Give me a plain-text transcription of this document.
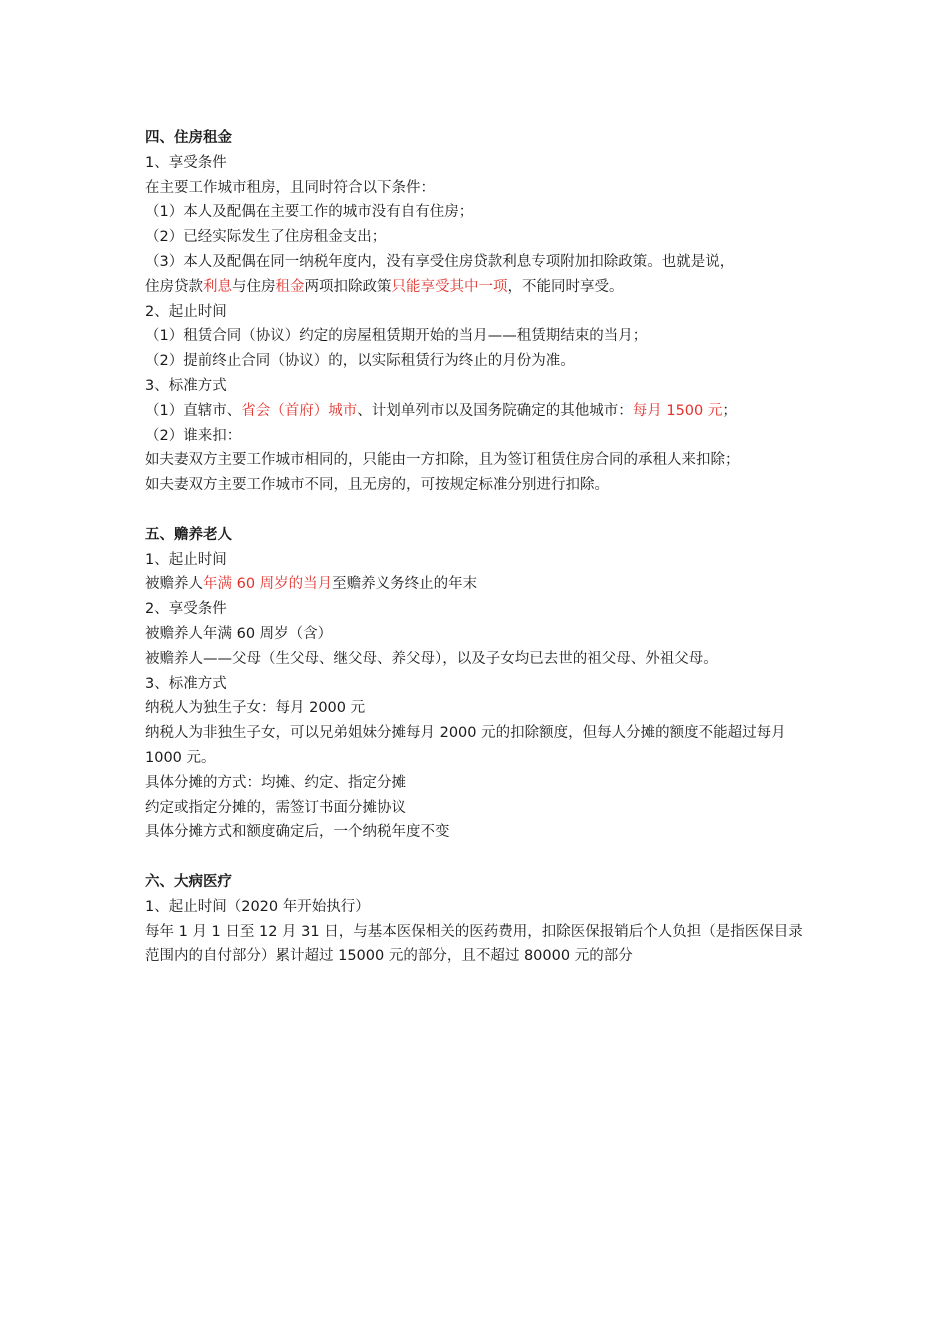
四、住房租金
1、享受条件
在主要工作城市租房，且同时符合以下条件：
（1）本人及配偶在主要工作的城市没有自有住房；
（2）已经实际发生了住房租金支出；
（3）本人及配偶在同一纳税年度内，没有享受住房贷款利息专项附加扣除政策。也就是说，
住房贷款利息与住房租金两项扣除政策只能享受其中一项，不能同时享受。
2、起止时间
（1）租赁合同（协议）约定的房屋租赁期开始的当月——租赁期结束的当月；
（2）提前终止合同（协议）的，以实际租赁行为终止的月份为准。
3、标准方式
（1）直辖市、省会（首府）城市、计划单列市以及国务院确定的其他城市：每月 1500 元；
（2）谁来扣：
如夫妻双方主要工作城市相同的，只能由一方扣除，且为签订租赁住房合同的承租人来扣除；
如夫妻双方主要工作城市不同，且无房的，可按规定标准分别进行扣除。
五、赡养老人
1、起止时间
被赡养人年满 60 周岁的当月至赡养义务终止的年末
2、享受条件
被赡养人年满 60 周岁（含）
被赡养人——父母（生父母、继父母、养父母），以及子女均已去世的祖父母、外祖父母。
3、标准方式
纳税人为独生子女：每月 2000 元
纳税人为非独生子女，可以兄弟姐妹分摊每月 2000 元的扣除额度，但每人分摊的额度不能超过每月 1000 元。
具体分摊的方式：均摊、约定、指定分摊
约定或指定分摊的，需签订书面分摊协议
具体分摊方式和额度确定后，一个纳税年度不变
六、大病医疗
1、起止时间（2020 年开始执行）
每年 1 月 1 日至 12 月 31 日，与基本医保相关的医药费用，扣除医保报销后个人负担（是指医保目录范围内的自付部分）累计超过 15000 元的部分，且不超过 80000 元的部分
